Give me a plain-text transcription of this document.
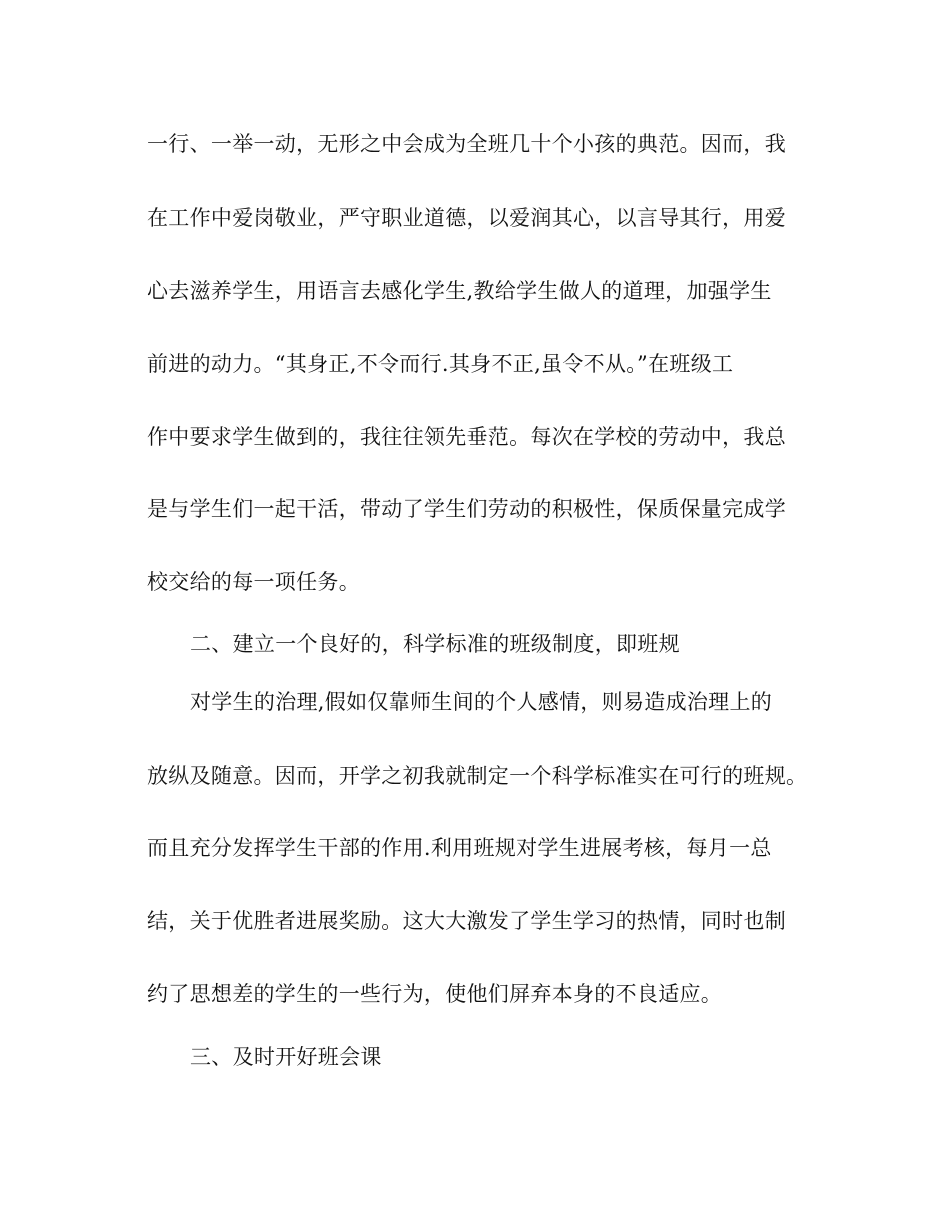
一行、一举一动，无形之中会成为全班几十个小孩的典范。因而，我
在工作中爱岗敬业，严守职业道德，以爱润其心，以言导其行，用爱
心去滋养学生，用语言去感化学生,教给学生做人的道理，加强学生
前进的动力。“其身正,不令而行.其身不正,虽令不从。”在班级工
作中要求学生做到的，我往往领先垂范。每次在学校的劳动中，我总
是与学生们一起干活，带动了学生们劳动的积极性，保质保量完成学
校交给的每一项任务。
二、建立一个良好的，科学标准的班级制度，即班规
对学生的治理,假如仅靠师生间的个人感情，则易造成治理上的
放纵及随意。因而，开学之初我就制定一个科学标准实在可行的班规。
而且充分发挥学生干部的作用.利用班规对学生进展考核，每月一总
结，关于优胜者进展奖励。这大大激发了学生学习的热情，同时也制
约了思想差的学生的一些行为，使他们屏弃本身的不良适应。
三、及时开好班会课
